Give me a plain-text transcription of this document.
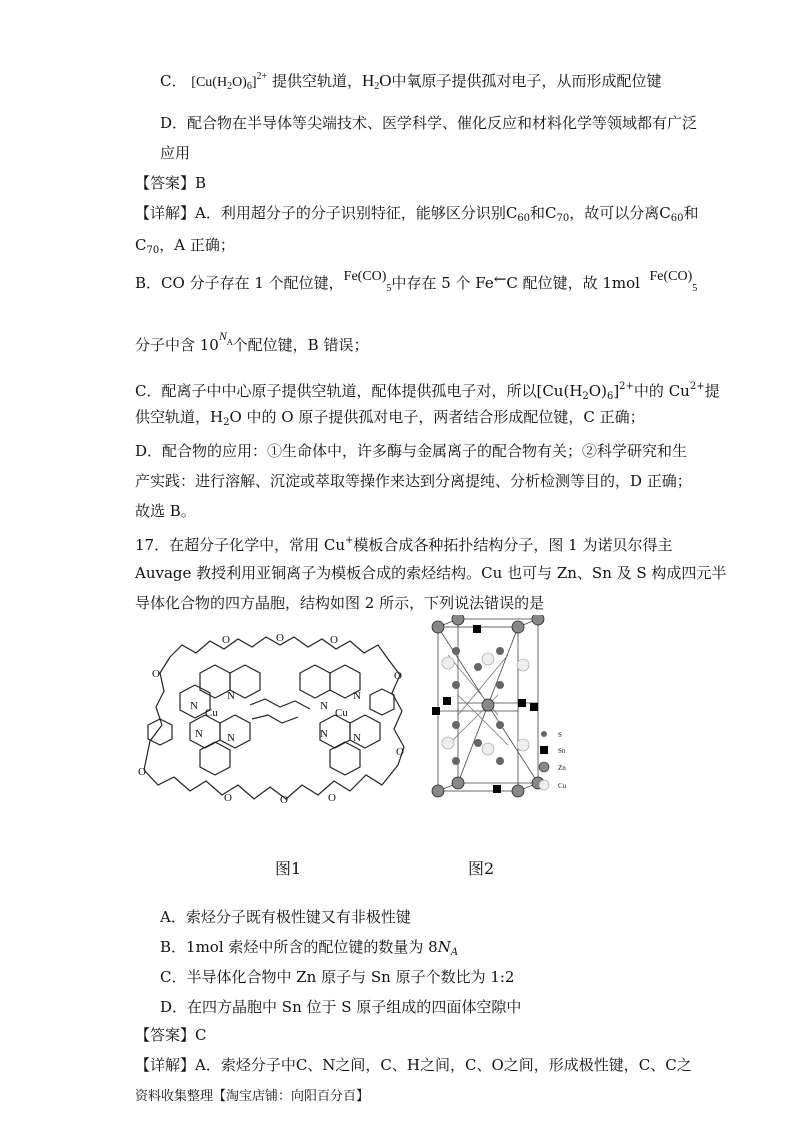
C． $[Cu(H_2O)_6]^{2+}$ 提供空轨道，$H_2O$中氧原子提供孤对电子，从而形成配位键
D．配合物在半导体等尖端技术、医学科学、催化反应和材料化学等领域都有广泛
应用
【答案】B
【详解】A．利用超分子的分子识别特征，能够区分识别$C_{60}$和$C_{70}$，故可以分离$C_{60}$和
$C_{70}$，A 正确；
B．CO 分子存在 1 个配位键，$Fe(CO)_5$中存在 5 个 Fe←C 配位键，故 1mol $Fe(CO)_5$
分子中含 $10^{NA}$个配位键，B 错误；
C．配离子中中心原子提供空轨道，配体提供孤电子对，所以$[Cu(H_2O)_6]^{2+}$中的 $Cu^{2+}$提
供空轨道，$H_2O$ 中的 O 原子提供孤对电子，两者结合形成配位键，C 正确；
D．配合物的应用：①生命体中，许多酶与金属离子的配合物有关；②科学研究和生
产实践：进行溶解、沉淀或萃取等操作来达到分离提纯、分析检测等目的，D 正确；
故选 B。
17．在超分子化学中，常用 Cu+模板合成各种拓扑结构分子，图 1 为诺贝尔得主
Auvage 教授利用亚铜离子为模板合成的索烃结构。Cu 也可与 Zn、Sn 及 S 构成四元半
导体化合物的四方晶胞，结构如图 2 所示，下列说法错误的是
Cu	Cu
N
N
N N
N
N
N N
O	O	O
O	O
O
O	O	O
O
S
Sn
Zn
Cu
图1	图2
A．索烃分子既有极性键又有非极性键
B．1mol 索烃中所含的配位键的数量为 $8N_A$
C．半导体化合物中 Zn 原子与 Sn 原子个数比为 1:2
D．在四方晶胞中 Sn 位于 S 原子组成的四面体空隙中
【答案】C
【详解】A．索烃分子中C、N之间，C、H之间，C、O之间，形成极性键，C、C之
资料收集整理【淘宝店铺：向阳百分百】
